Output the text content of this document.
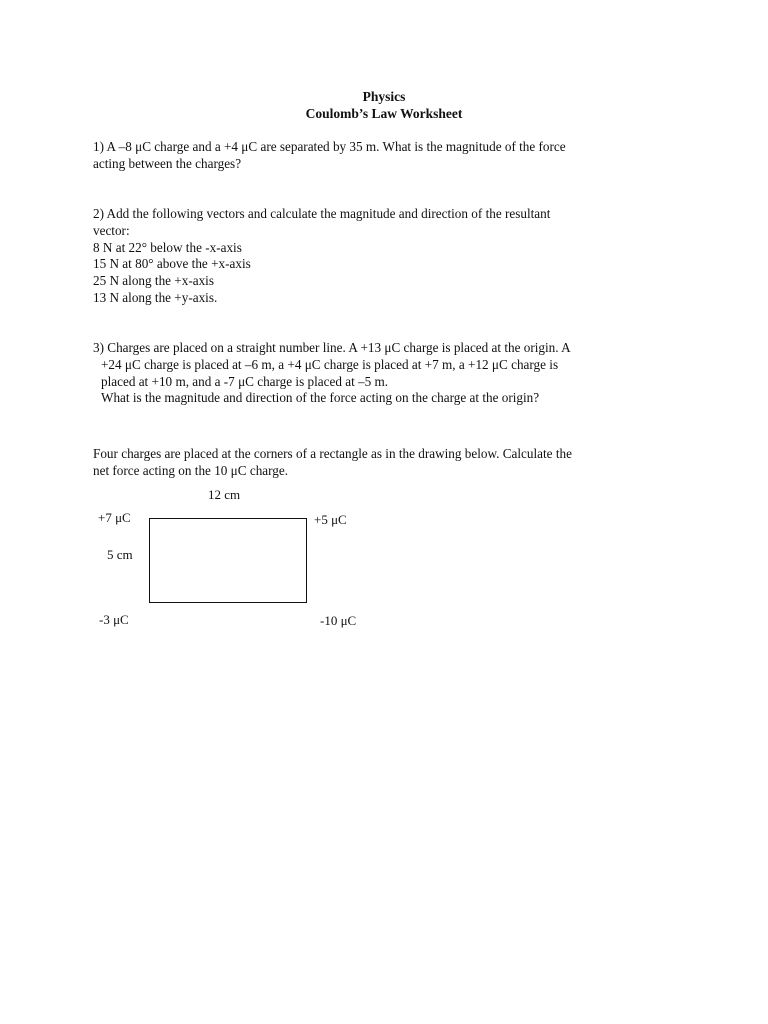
Physics
Coulomb’s Law Worksheet
1) A –8 μC charge and a +4 μC are separated by 35 m. What is the magnitude of the force
acting between the charges?
2) Add the following vectors and calculate the magnitude and direction of the resultant
vector:
8 N at 22° below the -x-axis
15 N at 80° above the +x-axis
25 N along the +x-axis
13 N along the +y-axis.
3) Charges are placed on a straight number line. A +13 μC charge is placed at the origin. A
+24 μC charge is placed at –6 m, a +4 μC charge is placed at +7 m, a +12 μC charge is
placed at +10 m, and a -7 μC charge is placed at –5 m.
What is the magnitude and direction of the force acting on the charge at the origin?
Four charges are placed at the corners of a rectangle as in the drawing below. Calculate the
net force acting on the 10 μC charge.
12 cm
+7 μC	+5 μC
5 cm
-3 μC	-10 μC
